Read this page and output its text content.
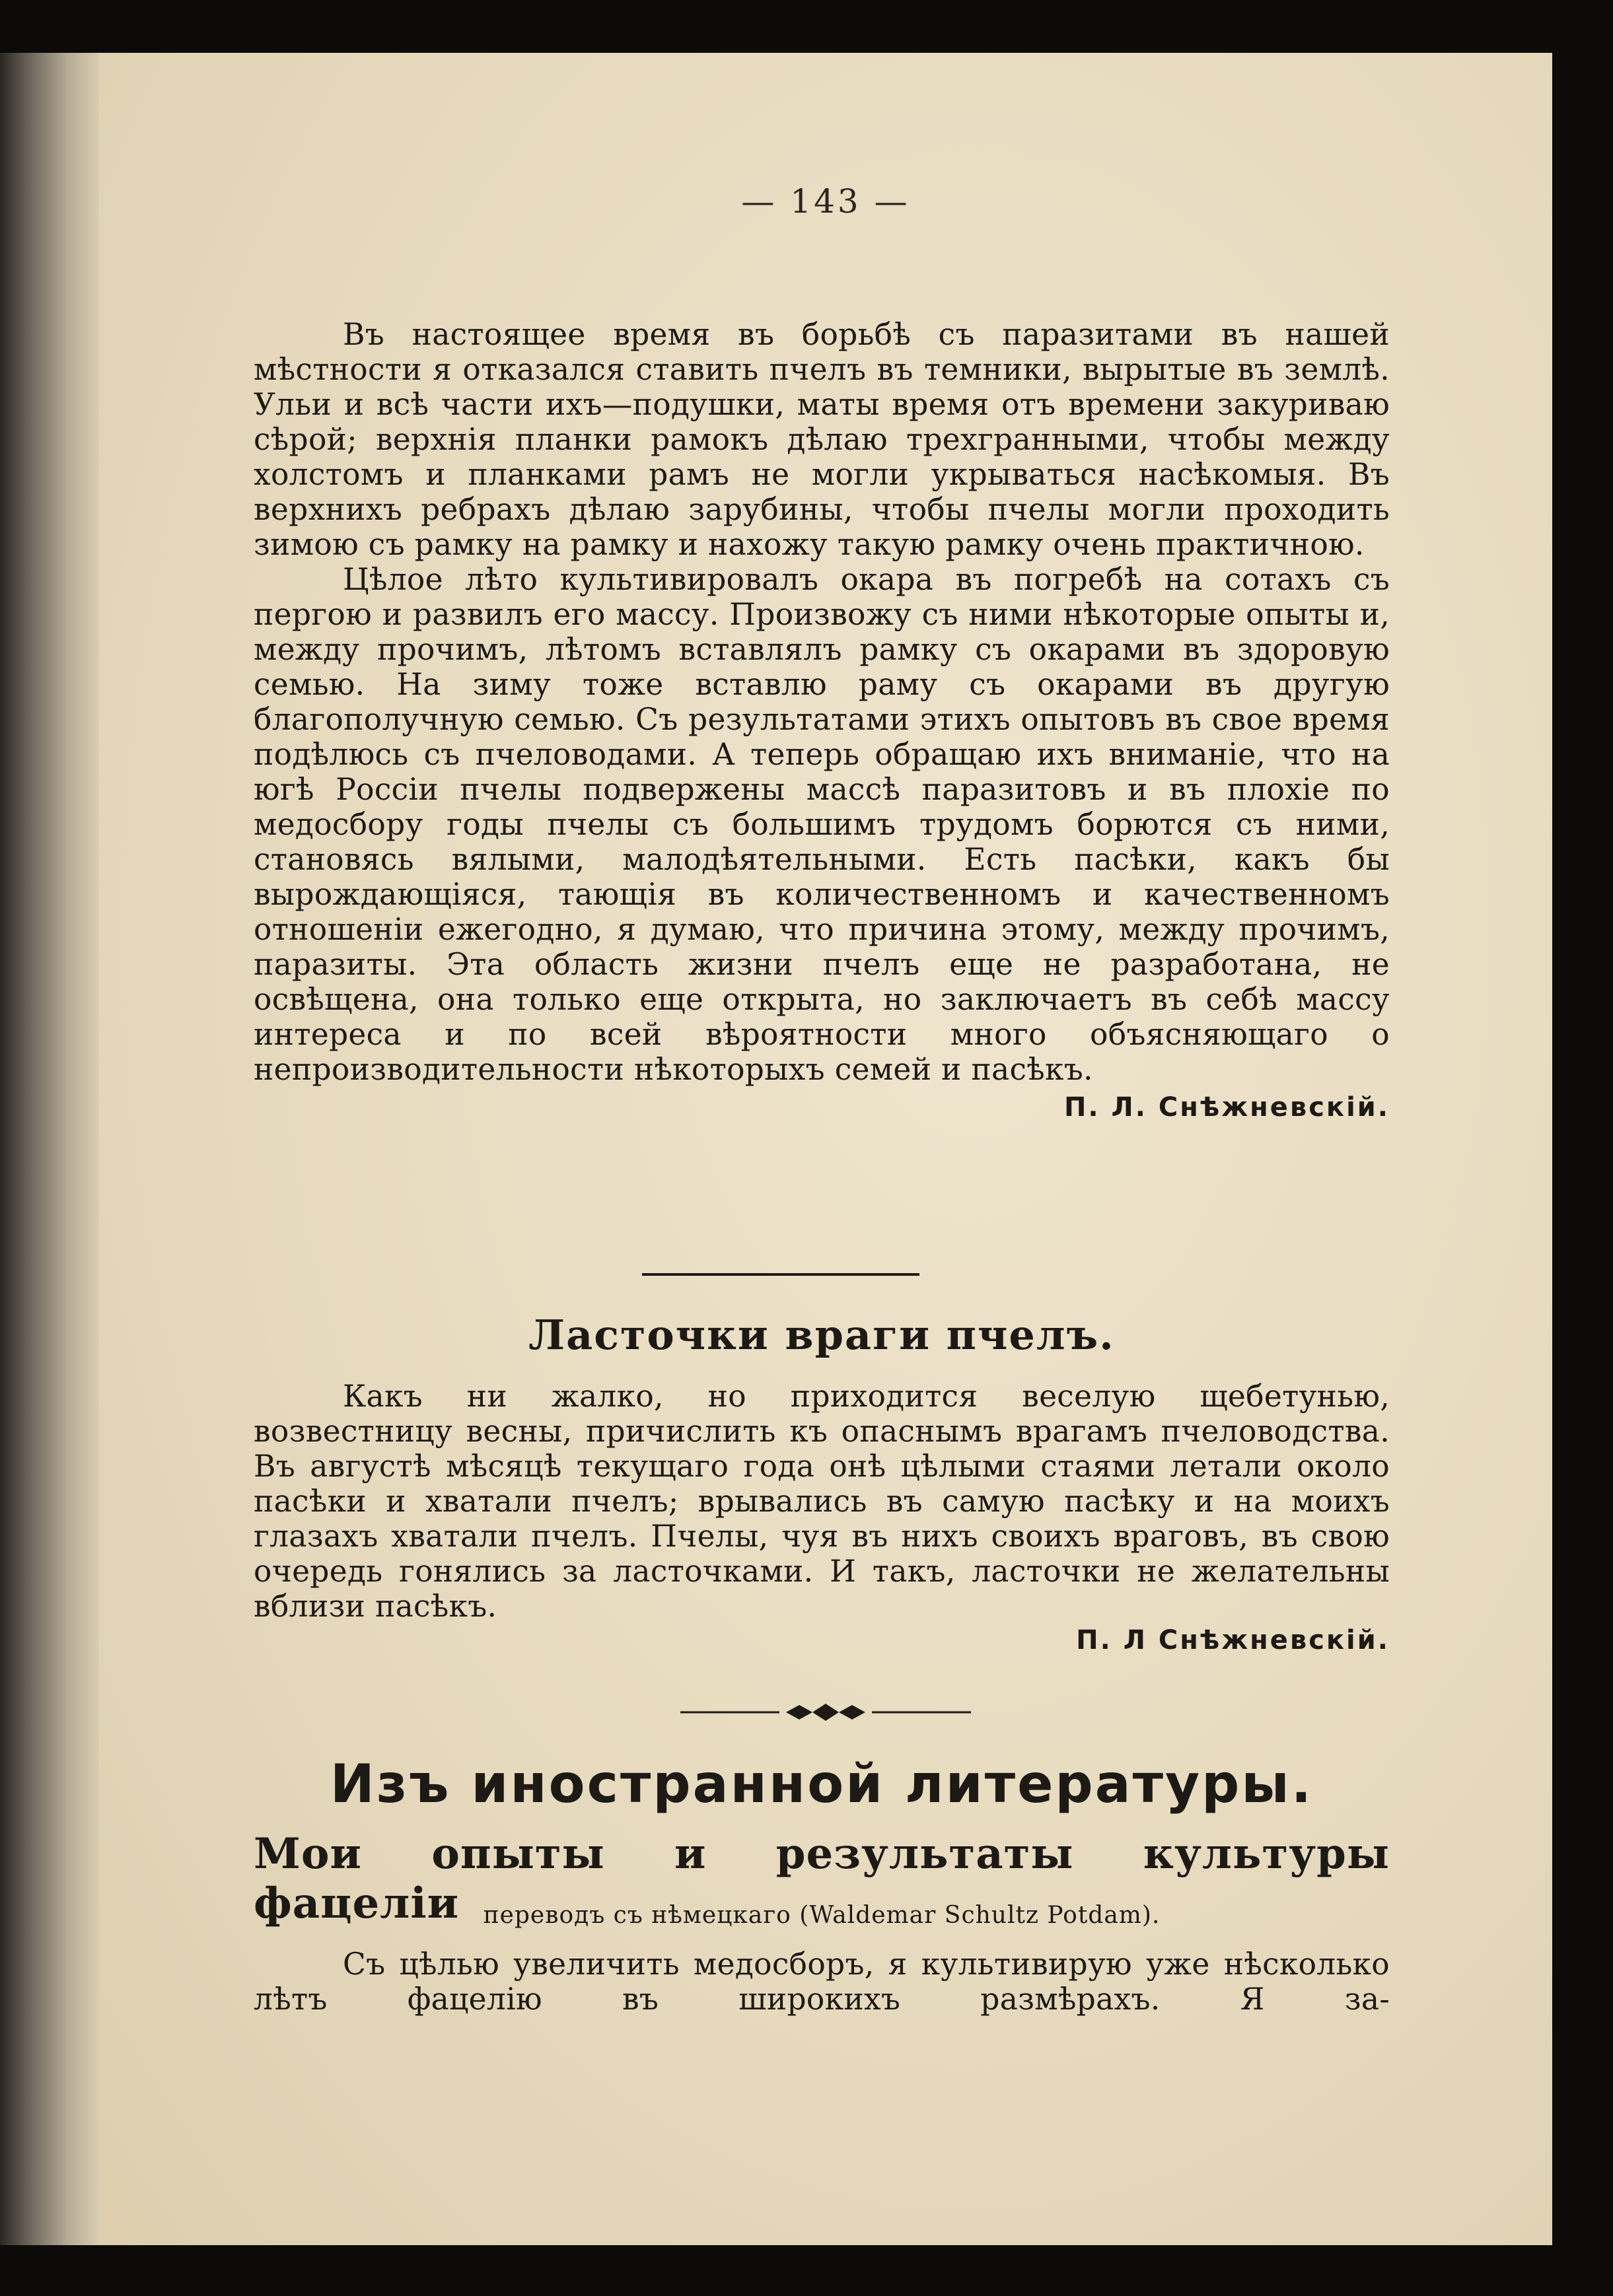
— 143 —

Въ настоящее время въ борьбѣ съ паразитами въ нашей мѣстности я отказался ставить пчелъ въ темники, вырытые въ землѣ. Ульи и всѣ части ихъ—подушки, маты время отъ времени закуриваю сѣрой; верхнія планки рамокъ дѣлаю трехгранными, чтобы между холстомъ и планками рамъ не могли укрываться насѣкомыя. Въ верхнихъ ребрахъ дѣлаю зарубины, чтобы пчелы могли проходить зимою съ рамку на рамку и нахожу такую рамку очень практичною.

Цѣлое лѣто культивировалъ окара въ погребѣ на сотахъ съ пергою и развилъ его массу. Произвожу съ ними нѣкоторые опыты и, между прочимъ, лѣтомъ вставлялъ рамку съ окарами въ здоровую семью. На зиму тоже вставлю раму съ окарами въ другую благополучную семью. Съ результатами этихъ опытовъ въ свое время подѣлюсь съ пчеловодами. А теперь обращаю ихъ вниманіе, что на югѣ Россіи пчелы подвержены массѣ паразитовъ и въ плохіе по медосбору годы пчелы съ большимъ трудомъ борются съ ними, становясь вялыми, малодѣятельными. Есть пасѣки, какъ бы вырождающіяся, тающія въ количественномъ и качественномъ отношеніи ежегодно, я думаю, что причина этому, между прочимъ, паразиты. Эта область жизни пчелъ еще не разработана, не освѣщена, она только еще открыта, но заключаетъ въ себѣ массу интереса и по всей вѣроятности много объясняющаго о непроизводительности нѣкоторыхъ семей и пасѣкъ.

П. Л. Снѣжневскій.

Ласточки враги пчелъ.

Какъ ни жалко, но приходится веселую щебетунью, возвестницу весны, причислить къ опаснымъ врагамъ пчеловодства. Въ августѣ мѣсяцѣ текущаго года онѣ цѣлыми стаями летали около пасѣки и хватали пчелъ; врывались въ самую пасѣку и на моихъ глазахъ хватали пчелъ. Пчелы, чуя въ нихъ своихъ враговъ, въ свою очередь гонялись за ласточками. И такъ, ласточки не желательны вблизи пасѣкъ.

П. Л Снѣжневскій.

Изъ иностранной литературы.
Мои опыты и результаты культуры фацеліи	переводъ съ нѣмецкаго (Waldemar Schultz Potdam).

Съ цѣлью увеличить медосборъ, я культивирую уже нѣсколько лѣтъ фацелію въ широкихъ размѣрахъ. Я за-
